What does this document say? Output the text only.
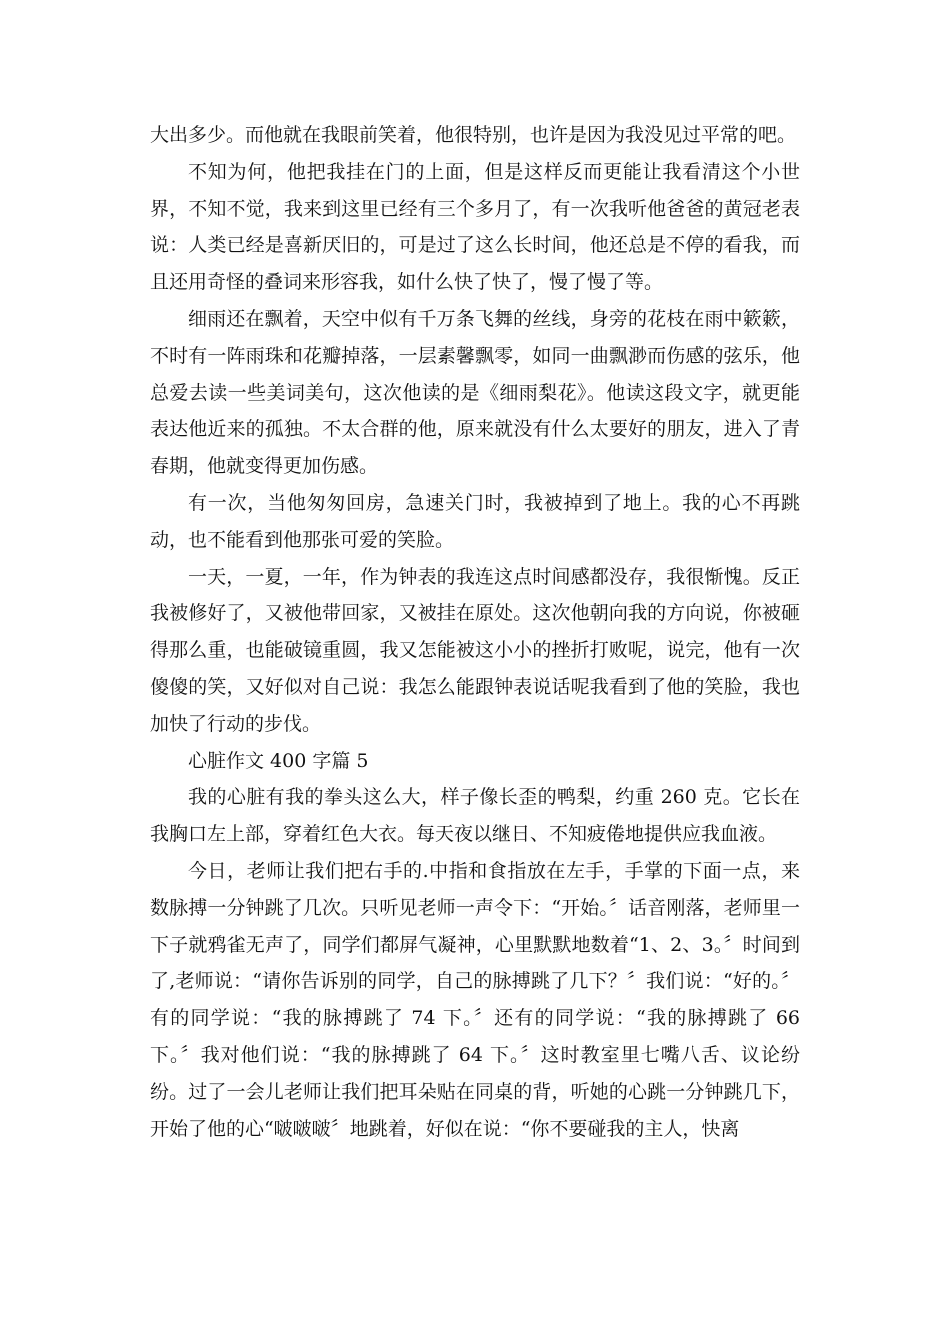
大出多少。而他就在我眼前笑着，他很特别，也许是因为我没见过平常的吧。

不知为何，他把我挂在门的上面，但是这样反而更能让我看清这个小世界，不知不觉，我来到这里已经有三个多月了，有一次我听他爸爸的黄冠老表说：人类已经是喜新厌旧的，可是过了这么长时间，他还总是不停的看我，而且还用奇怪的叠词来形容我，如什么快了快了，慢了慢了等。

细雨还在飘着，天空中似有千万条飞舞的丝线，身旁的花枝在雨中簌簌，不时有一阵雨珠和花瓣掉落，一层素馨飘零，如同一曲飘渺而伤感的弦乐，他总爱去读一些美词美句，这次他读的是《细雨梨花》。他读这段文字，就更能表达他近来的孤独。不太合群的他，原来就没有什么太要好的朋友，进入了青春期，他就变得更加伤感。

有一次，当他匆匆回房，急速关门时，我被掉到了地上。我的心不再跳动，也不能看到他那张可爱的笑脸。

一天，一夏，一年，作为钟表的我连这点时间感都没存，我很惭愧。反正我被修好了，又被他带回家，又被挂在原处。这次他朝向我的方向说，你被砸得那么重，也能破镜重圆，我又怎能被这小小的挫折打败呢，说完，他有一次傻傻的笑，又好似对自己说：我怎么能跟钟表说话呢我看到了他的笑脸，我也加快了行动的步伐。

心脏作文 400 字篇 5

我的心脏有我的拳头这么大，样子像长歪的鸭梨，约重 260 克。它长在我胸口左上部，穿着红色大衣。每天夜以继日、不知疲倦地提供应我血液。

今日，老师让我们把右手的.中指和食指放在左手，手掌的下面一点，来数脉搏一分钟跳了几次。只听见老师一声令下：“开始。〞话音刚落，老师里一下子就鸦雀无声了，同学们都屏气凝神，心里默默地数着“1、2、3。〞时间到了,老师说：“请你告诉别的同学，自己的脉搏跳了几下？〞我们说：“好的。〞有的同学说：“我的脉搏跳了 74 下。〞还有的同学说：“我的脉搏跳了 66 下。〞我对他们说：“我的脉搏跳了 64 下。〞这时教室里七嘴八舌、议论纷纷。过了一会儿老师让我们把耳朵贴在同桌的背，听她的心跳一分钟跳几下，开始了他的心“啵啵啵〞地跳着，好似在说：“你不要碰我的主人，快离
